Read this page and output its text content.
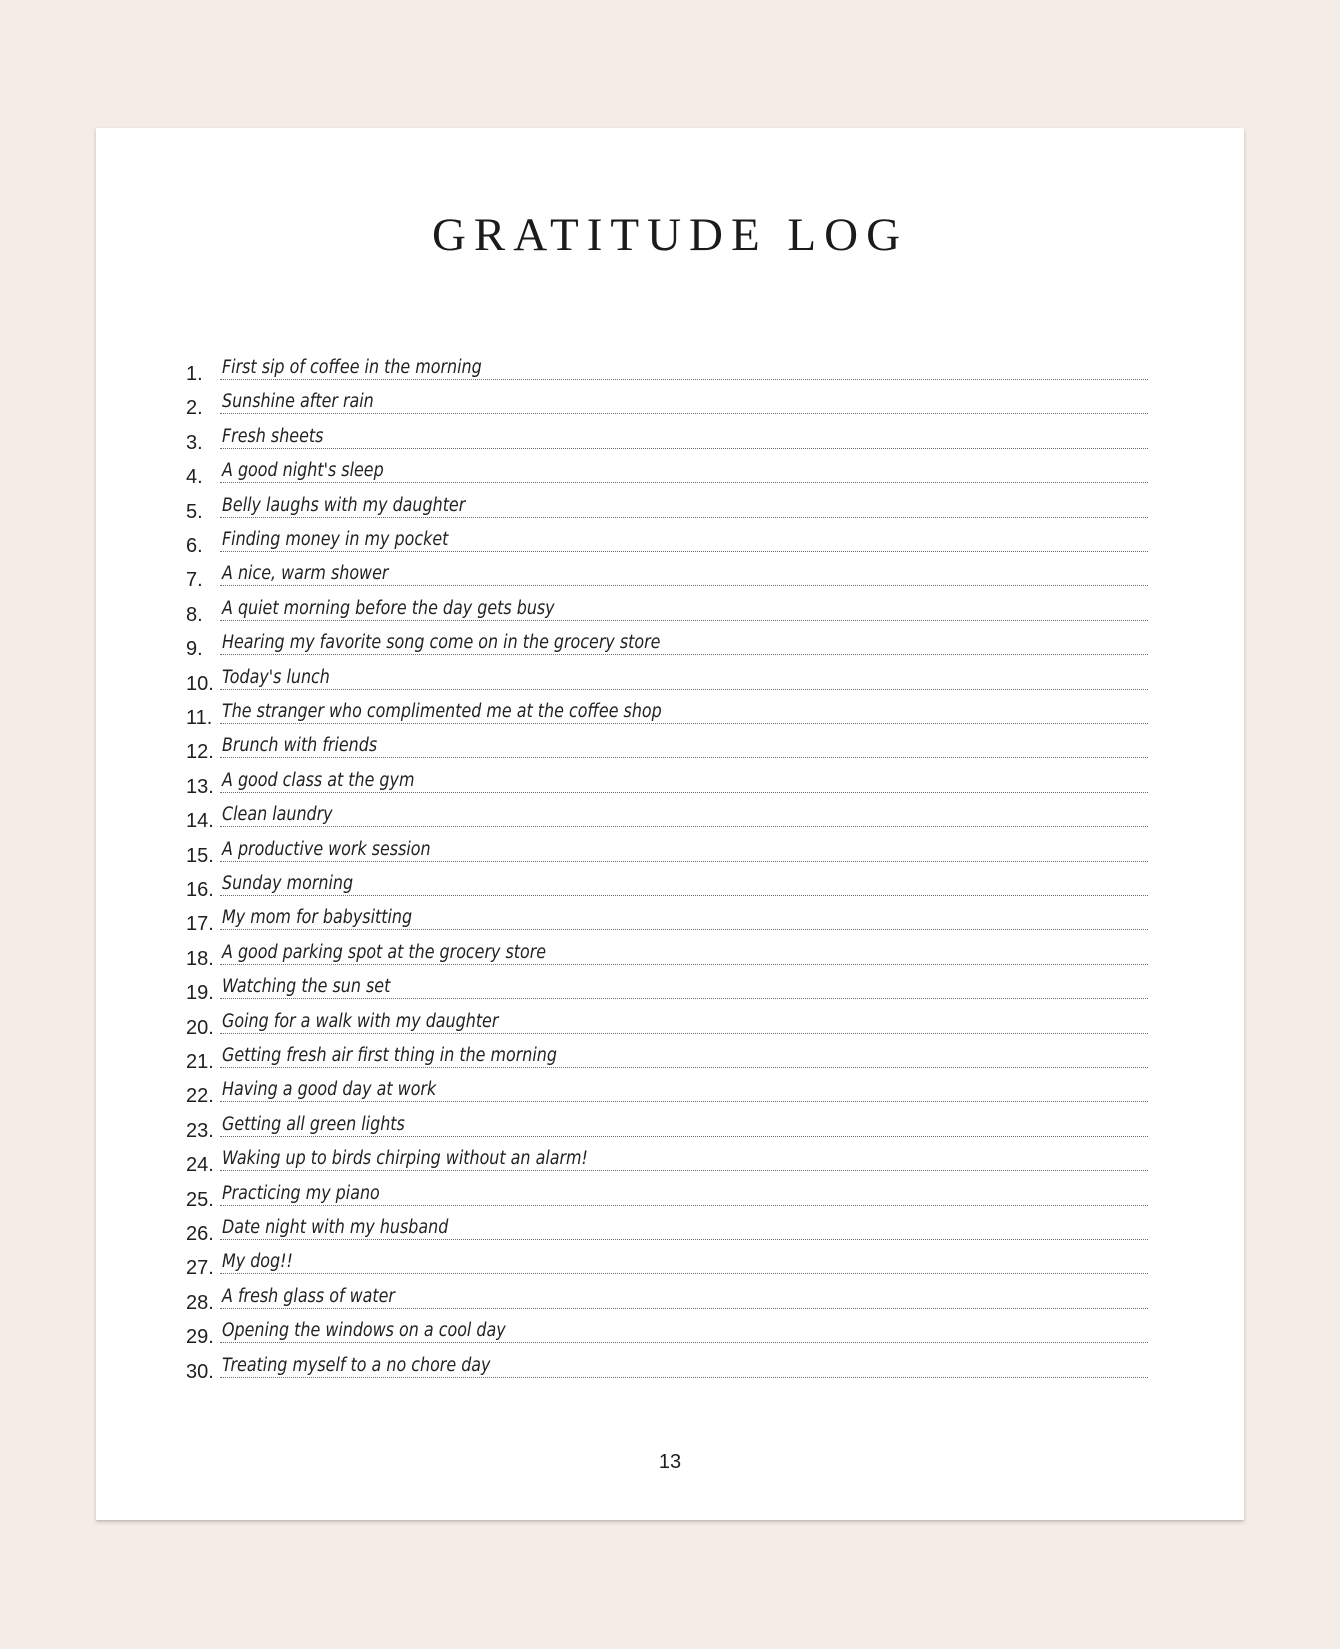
GRATITUDE LOG
1. First sip of coffee in the morning
2. Sunshine after rain
3. Fresh sheets
4. A good night's sleep
5. Belly laughs with my daughter
6. Finding money in my pocket
7. A nice, warm shower
8. A quiet morning before the day gets busy
9. Hearing my favorite song come on in the grocery store
10. Today's lunch
11. The stranger who complimented me at the coffee shop
12. Brunch with friends
13. A good class at the gym
14. Clean laundry
15. A productive work session
16. Sunday morning
17. My mom for babysitting
18. A good parking spot at the grocery store
19. Watching the sun set
20. Going for a walk with my daughter
21. Getting fresh air first thing in the morning
22. Having a good day at work
23. Getting all green lights
24. Waking up to birds chirping without an alarm!
25. Practicing my piano
26. Date night with my husband
27. My dog!!
28. A fresh glass of water
29. Opening the windows on a cool day
30. Treating myself to a no chore day
13
